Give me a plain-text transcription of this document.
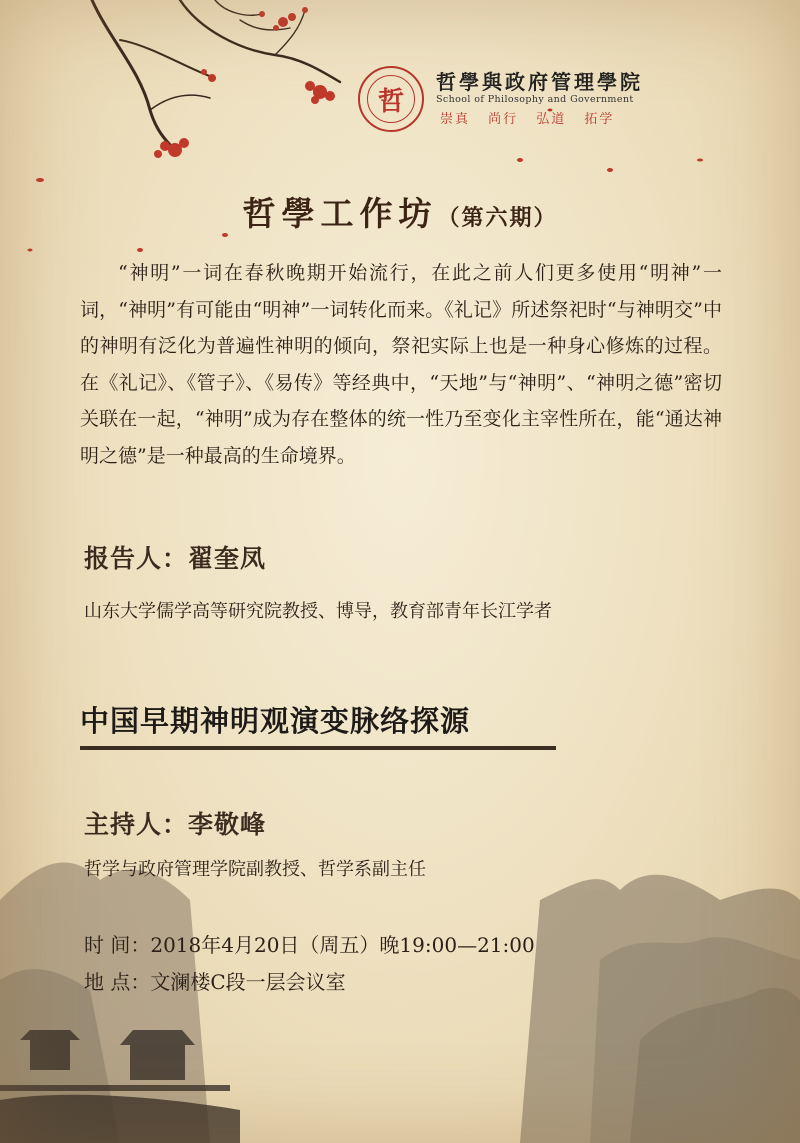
哲
哲學與政府管理學院
School of Philosophy and Government
崇真 尚行 弘道 拓学
哲學工作坊（第六期）
“神明”一词在春秋晚期开始流行，在此之前人们更多使用“明神”一词，“神明”有可能由“明神”一词转化而来。《礼记》所述祭祀时“与神明交”中的神明有泛化为普遍性神明的倾向，祭祀实际上也是一种身心修炼的过程。在《礼记》、《管子》、《易传》等经典中，“天地”与“神明”、“神明之德”密切关联在一起，“神明”成为存在整体的统一性乃至变化主宰性所在，能“通达神明之德”是一种最高的生命境界。
报告人：翟奎凤
山东大学儒学高等研究院教授、博导，教育部青年长江学者
中国早期神明观演变脉络探源
主持人：李敬峰
哲学与政府管理学院副教授、哲学系副主任
时 间：2018年4月20日（周五）晚19:00—21:00
地 点：文澜楼C段一层会议室
